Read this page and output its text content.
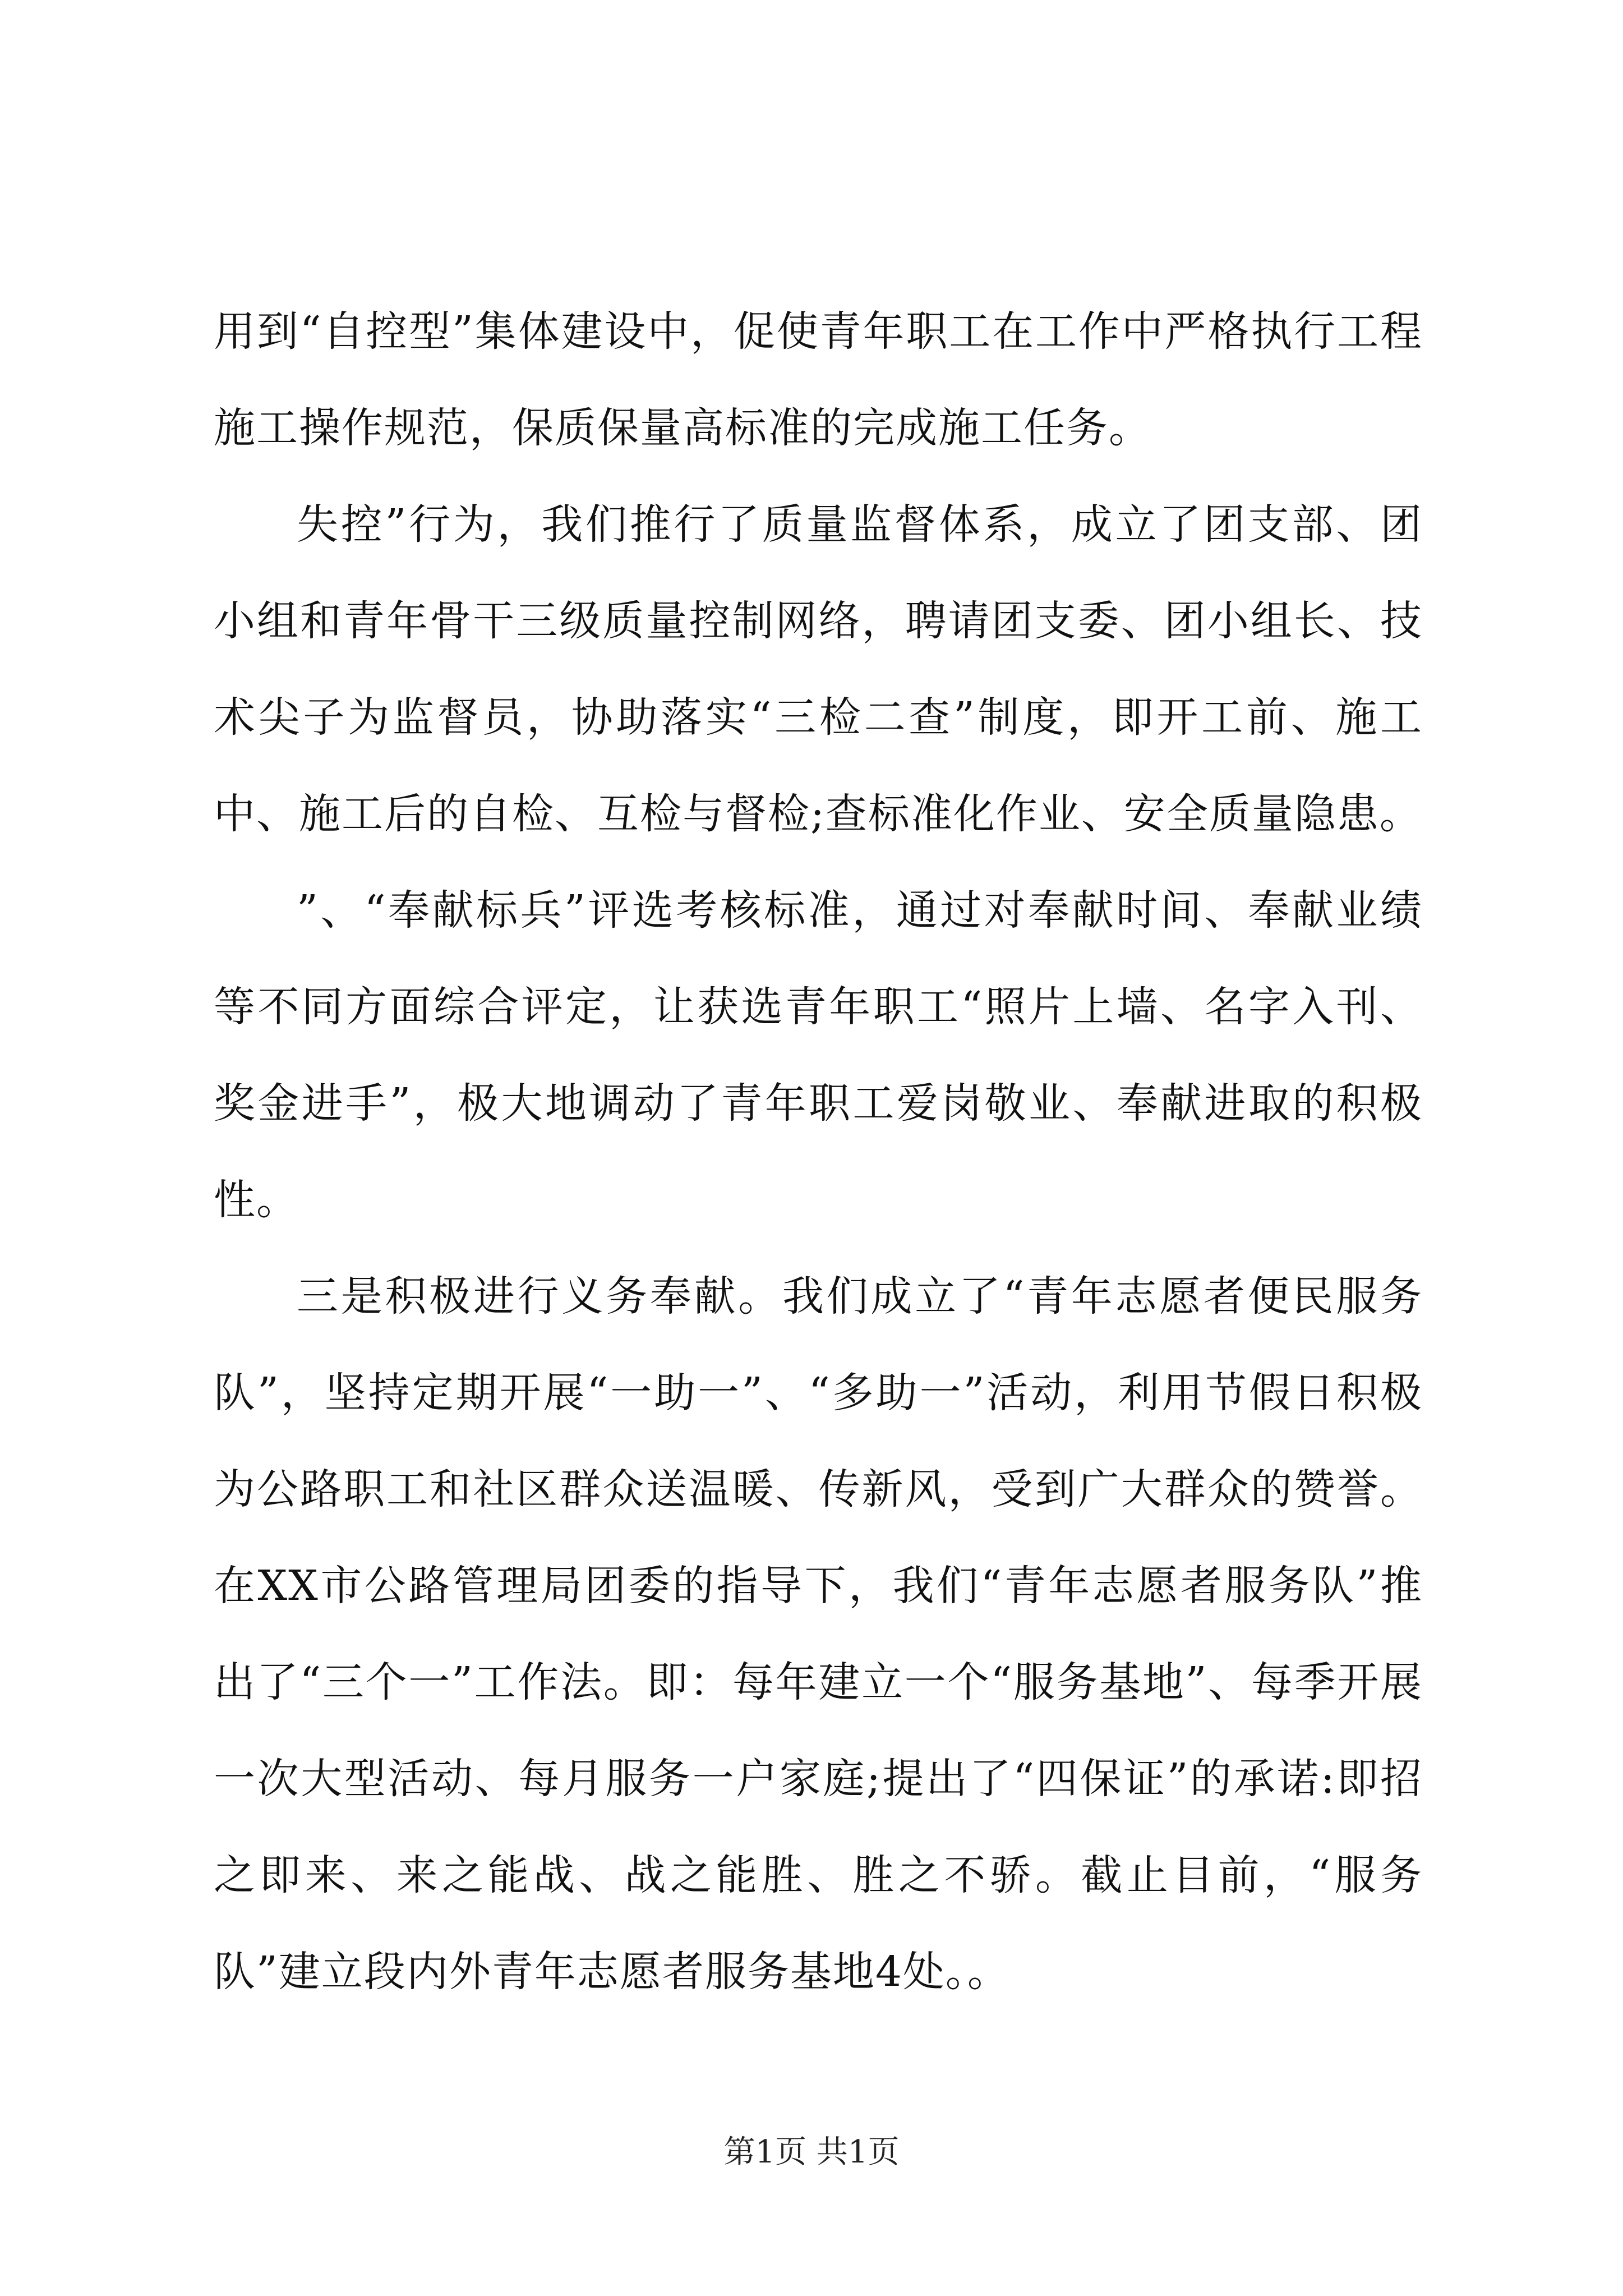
用到“自控型”集体建设中，促使青年职工在工作中严格执行工程施工操作规范，保质保量高标准的完成施工任务。

失控”行为，我们推行了质量监督体系，成立了团支部、团小组和青年骨干三级质量控制网络，聘请团支委、团小组长、技术尖子为监督员，协助落实“三检二查”制度，即开工前、施工中、施工后的自检、互检与督检;查标准化作业、安全质量隐患。

”、“奉献标兵”评选考核标准，通过对奉献时间、奉献业绩等不同方面综合评定，让获选青年职工“照片上墙、名字入刊、奖金进手”，极大地调动了青年职工爱岗敬业、奉献进取的积极性。

三是积极进行义务奉献。我们成立了“青年志愿者便民服务队”，坚持定期开展“一助一”、“多助一”活动，利用节假日积极为公路职工和社区群众送温暖、传新风，受到广大群众的赞誉。在XX市公路管理局团委的指导下，我们“青年志愿者服务队”推出了“三个一”工作法。即：每年建立一个“服务基地”、每季开展一次大型活动、每月服务一户家庭;提出了“四保证”的承诺:即招之即来、来之能战、战之能胜、胜之不骄。截止目前，“服务队”建立段内外青年志愿者服务基地4处。。

第1页 共1页
